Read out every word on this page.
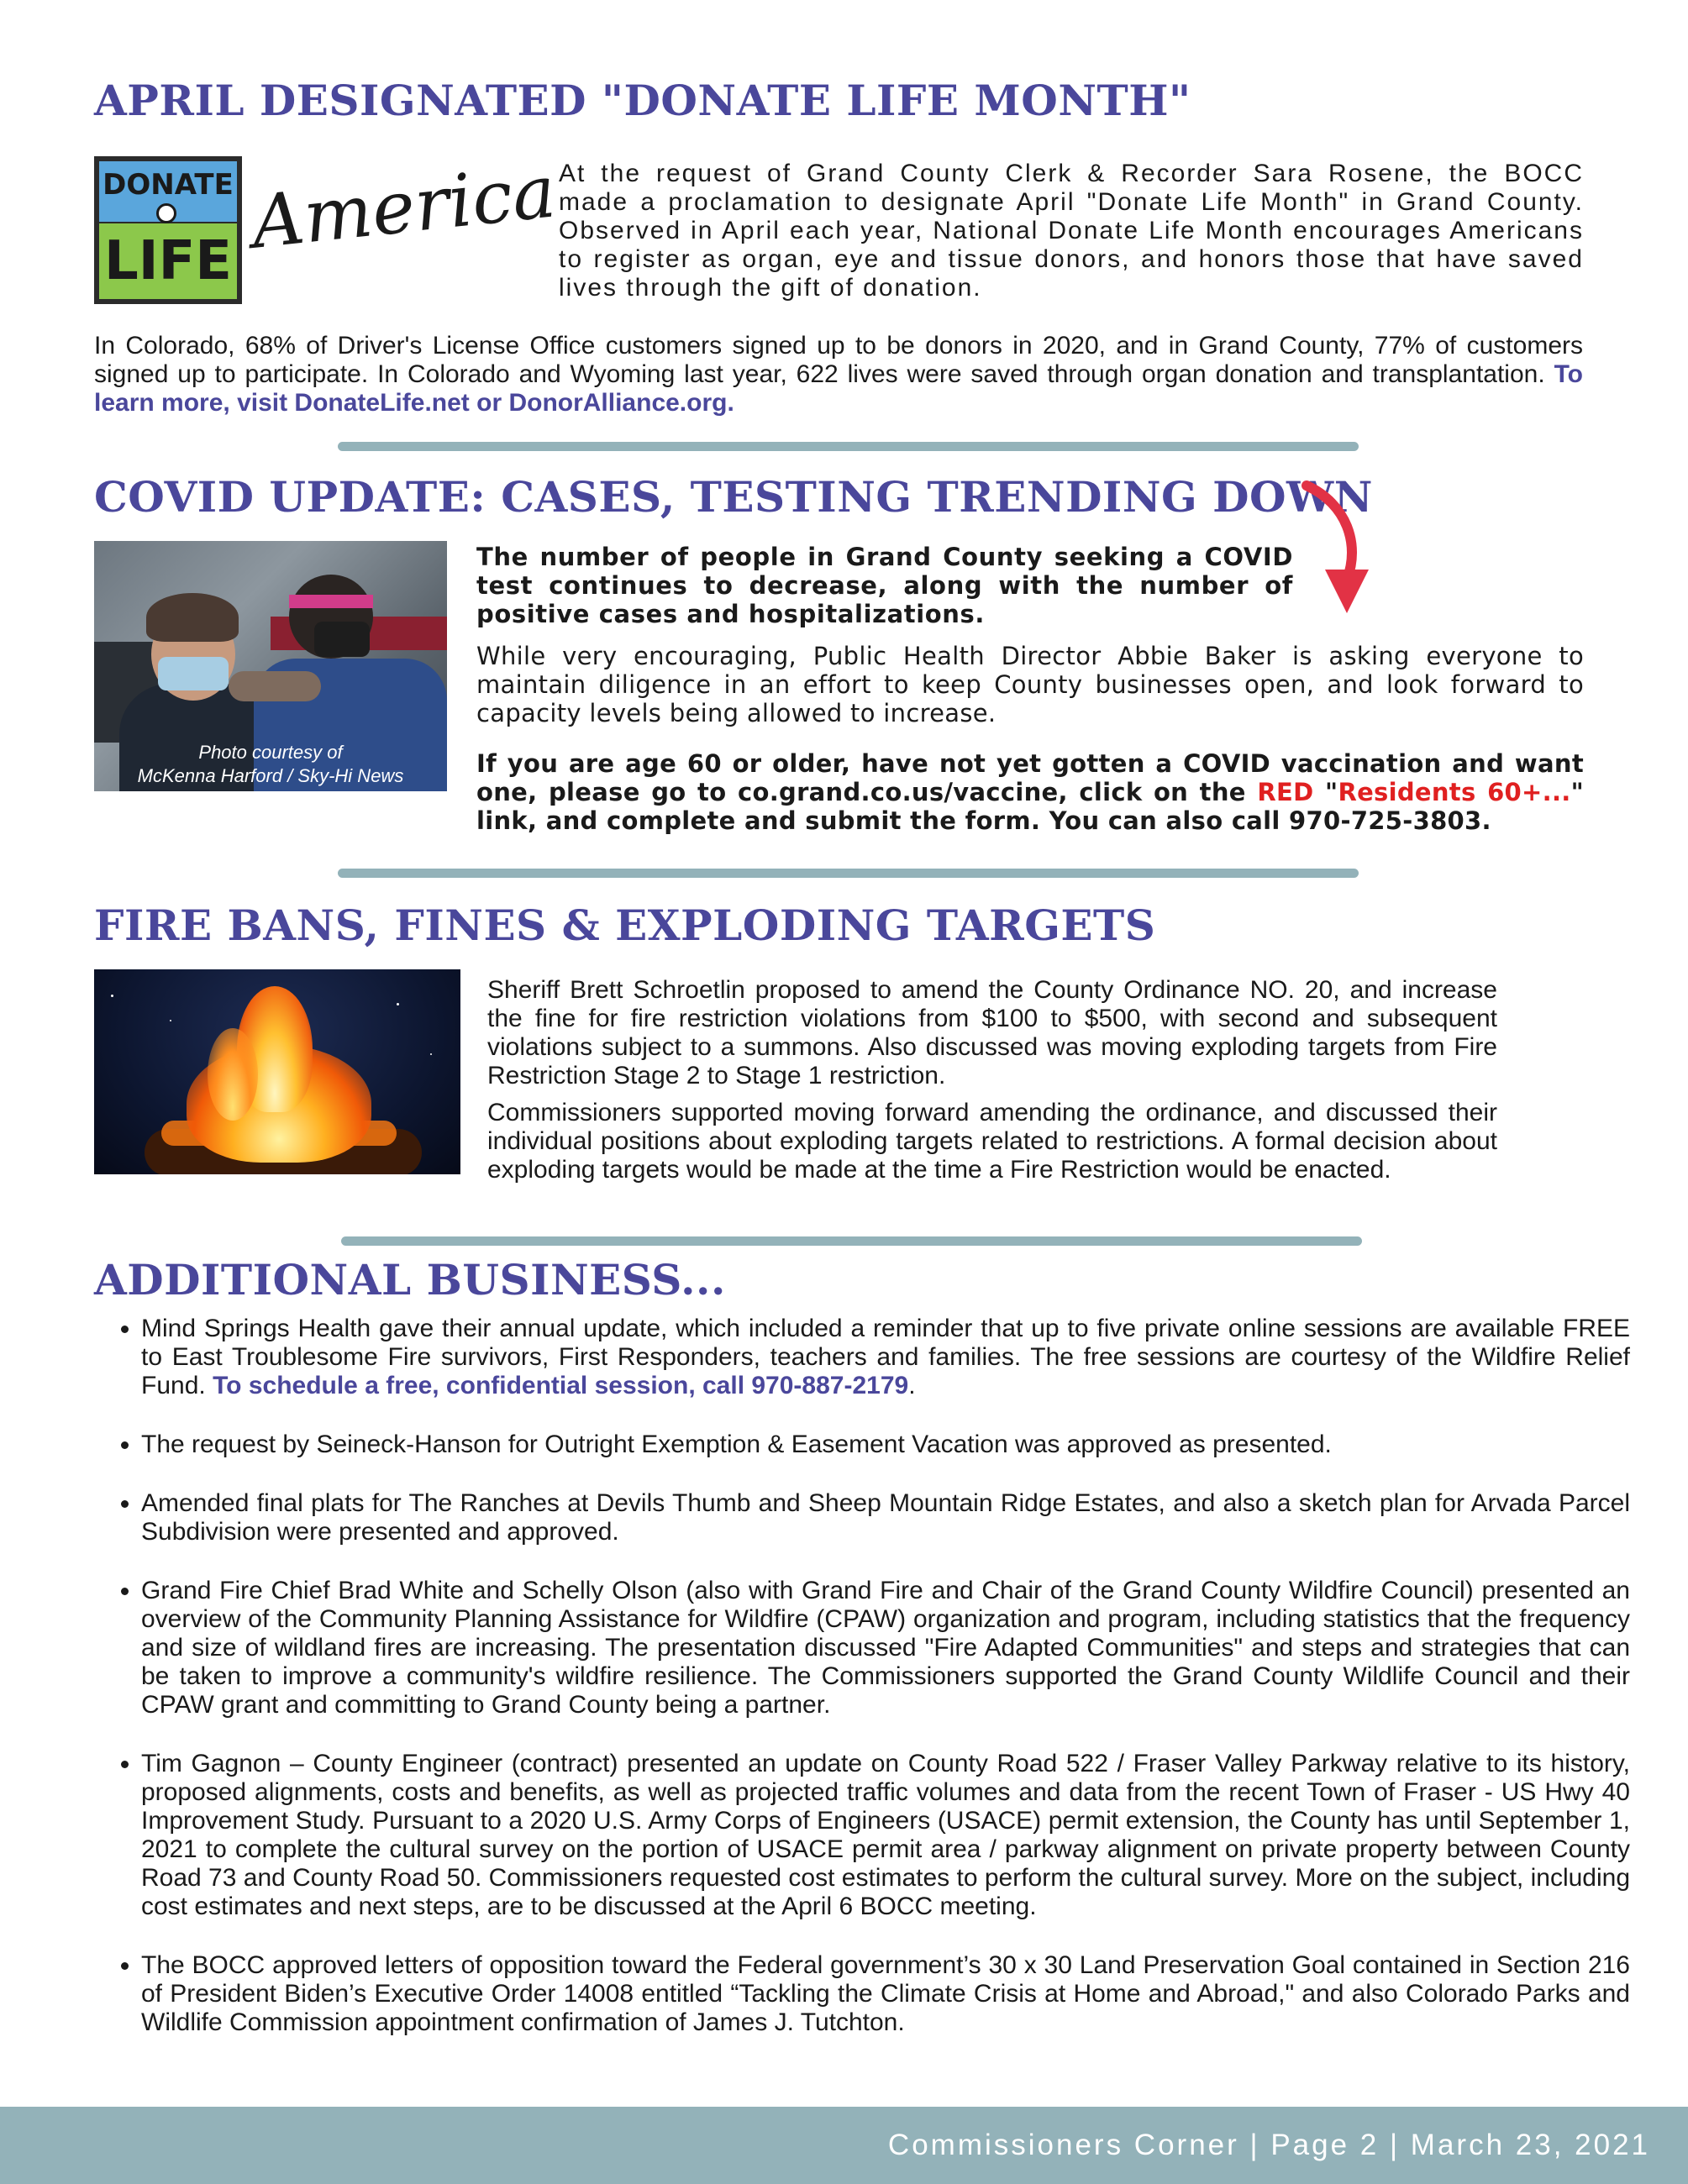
APRIL DESIGNATED "DONATE LIFE MONTH"
DONATE
LIFE America At the request of Grand County Clerk & Recorder Sara Rosene, the BOCC made a proclamation to designate April "Donate Life Month" in Grand County. Observed in April each year, National Donate Life Month encourages Americans to register as organ, eye and tissue donors, and honors those that have saved lives through the gift of donation.

In Colorado, 68% of Driver's License Office customers signed up to be donors in 2020, and in Grand County, 77% of customers signed up to participate. In Colorado and Wyoming last year, 622 lives were saved through organ donation and transplantation. To learn more, visit DonateLife.net or DonorAlliance.org.

COVID UPDATE: CASES, TESTING TRENDING DOWN
Photo courtesy of
McKenna Harford / Sky-Hi News

The number of people in Grand County seeking a COVID test continues to decrease, along with the number of positive cases and hospitalizations.

While very encouraging, Public Health Director Abbie Baker is asking everyone to maintain diligence in an effort to keep County businesses open, and look forward to capacity levels being allowed to increase.

If you are age 60 or older, have not yet gotten a COVID vaccination and want one, please go to co.grand.co.us/vaccine, click on the RED "Residents 60+..." link, and complete and submit the form. You can also call 970-725-3803.

FIRE BANS, FINES & EXPLODING TARGETS

Sheriff Brett Schroetlin proposed to amend the County Ordinance NO. 20, and increase the fine for fire restriction violations from $100 to $500, with second and subsequent violations subject to a summons. Also discussed was moving exploding targets from Fire Restriction Stage 2 to Stage 1 restriction.

Commissioners supported moving forward amending the ordinance, and discussed their individual positions about exploding targets related to restrictions. A formal decision about exploding targets would be made at the time a Fire Restriction would be enacted.

ADDITIONAL BUSINESS...
• Mind Springs Health gave their annual update, which included a reminder that up to five private online sessions are available FREE to East Troublesome Fire survivors, First Responders, teachers and families. The free sessions are courtesy of the Wildfire Relief Fund. To schedule a free, confidential session, call 970-887-2179.
• The request by Seineck-Hanson for Outright Exemption & Easement Vacation was approved as presented.
• Amended final plats for The Ranches at Devils Thumb and Sheep Mountain Ridge Estates, and also a sketch plan for Arvada Parcel Subdivision were presented and approved.
• Grand Fire Chief Brad White and Schelly Olson (also with Grand Fire and Chair of the Grand County Wildfire Council) presented an overview of the Community Planning Assistance for Wildfire (CPAW) organization and program, including statistics that the frequency and size of wildland fires are increasing. The presentation discussed "Fire Adapted Communities" and steps and strategies that can be taken to improve a community's wildfire resilience. The Commissioners supported the Grand County Wildlife Council and their CPAW grant and committing to Grand County being a partner.
• Tim Gagnon – County Engineer (contract) presented an update on County Road 522 / Fraser Valley Parkway relative to its history, proposed alignments, costs and benefits, as well as projected traffic volumes and data from the recent Town of Fraser - US Hwy 40 Improvement Study. Pursuant to a 2020 U.S. Army Corps of Engineers (USACE) permit extension, the County has until September 1, 2021 to complete the cultural survey on the portion of USACE permit area / parkway alignment on private property between County Road 73 and County Road 50. Commissioners requested cost estimates to perform the cultural survey. More on the subject, including cost estimates and next steps, are to be discussed at the April 6 BOCC meeting.
• The BOCC approved letters of opposition toward the Federal government’s 30 x 30 Land Preservation Goal contained in Section 216 of President Biden’s Executive Order 14008 entitled “Tackling the Climate Crisis at Home and Abroad," and also Colorado Parks and Wildlife Commission appointment confirmation of James J. Tutchton.
Commissioners Corner | Page 2 | March 23, 2021
